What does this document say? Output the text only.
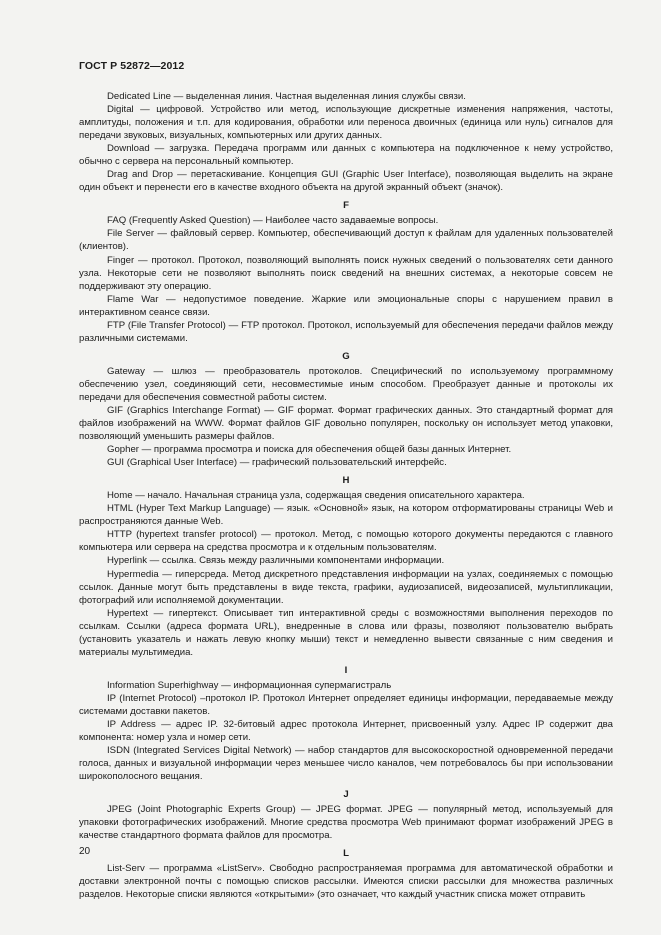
ГОСТ Р 52872—2012

Dedicated Line — выделенная линия. Частная выделенная линия службы связи.

Digital — цифровой. Устройство или метод, использующие дискретные изменения напряжения, частоты, амплитуды, положения и т.п. для кодирования, обработки или переноса двоичных (единица или нуль) сигналов для передачи звуковых, визуальных, компьютерных или других данных.

Download — загрузка. Передача программ или данных с компьютера на подключенное к нему устройство, обычно с сервера на персональный компьютер.

Drag and Drop — перетаскивание. Концепция GUI (Graphic User Interface), позволяющая выделить на экране один объект и перенести его в качестве входного объекта на другой экранный объект (значок).

F

FAQ (Frequently Asked Question) — Наиболее часто задаваемые вопросы.

File Server — файловый сервер. Компьютер, обеспечивающий доступ к файлам для удаленных пользователей (клиентов).

Finger — протокол. Протокол, позволяющий выполнять поиск нужных сведений о пользователях сети данного узла. Некоторые сети не позволяют выполнять поиск сведений на внешних системах, а некоторые совсем не поддерживают эту операцию.

Flame War — недопустимое поведение. Жаркие или эмоциональные споры с нарушением правил в интерактивном сеансе связи.

FTP (File Transfer Protocol) — FTP протокол. Протокол, используемый для обеспечения передачи файлов между различными системами.

G

Gateway — шлюз — преобразователь протоколов. Специфический по используемому программному обеспечению узел, соединяющий сети, несовместимые иным способом. Преобразует данные и протоколы их передачи для обеспечения совместной работы систем.

GIF (Graphics Interchange Format) — GIF формат. Формат графических данных. Это стандартный формат для файлов изображений на WWW. Формат файлов GIF довольно популярен, поскольку он использует метод упаковки, позволяющий уменьшить размеры файлов.

Gopher — программа просмотра и поиска для обеспечения общей базы данных Интернет.

GUI (Graphical User Interface) — графический пользовательский интерфейс.

H

Home — начало. Начальная страница узла, содержащая сведения описательного характера.

HTML (Hyper Text Markup Language) — язык. «Основной» язык, на котором отформатированы страницы Web и распространяются данные Web.

HTTP (hypertext transfer protocol) — протокол. Метод, с помощью которого документы передаются с главного компьютера или сервера на средства просмотра и к отдельным пользователям.

Hyperlink — ссылка. Связь между различными компонентами информации.

Hypermedia — гиперсреда. Метод дискретного представления информации на узлах, соединяемых с помощью ссылок. Данные могут быть представлены в виде текста, графики, аудиозаписей, видеозаписей, мультипликации, фотографий или исполняемой документации.

Hypertext — гипертекст. Описывает тип интерактивной среды с возможностями выполнения переходов по ссылкам. Ссылки (адреса формата URL), внедренные в слова или фразы, позволяют пользователю выбрать (установить указатель и нажать левую кнопку мыши) текст и немедленно вывести связанные с ним сведения и материалы мультимедиа.

I

Information Superhighway — информационная супермагистраль

IP (Internet Protocol) –протокол IP. Протокол Интернет определяет единицы информации, передаваемые между системами доставки пакетов.

IP Address — адрес IP. 32-битовый адрес протокола Интернет, присвоенный узлу. Адрес IP содержит два компонента: номер узла и номер сети.

ISDN (Integrated Services Digital Network) — набор стандартов для высокоскоростной одновременной передачи голоса, данных и визуальной информации через меньшее число каналов, чем потребовалось бы при использовании широкополосного вещания.

J

JPEG (Joint Photographic Experts Group) — JPEG формат. JPEG — популярный метод, используемый для упаковки фотографических изображений. Многие средства просмотра Web принимают формат изображений JPEG в качестве стандартного формата файлов для просмотра.

L

List-Serv — программа «ListServ». Свободно распространяемая программа для автоматической обработки и доставки электронной почты с помощью списков рассылки. Имеются списки рассылки для множества различных разделов. Некоторые списки являются «открытыми» (это означает, что каждый участник списка может отправить

20
